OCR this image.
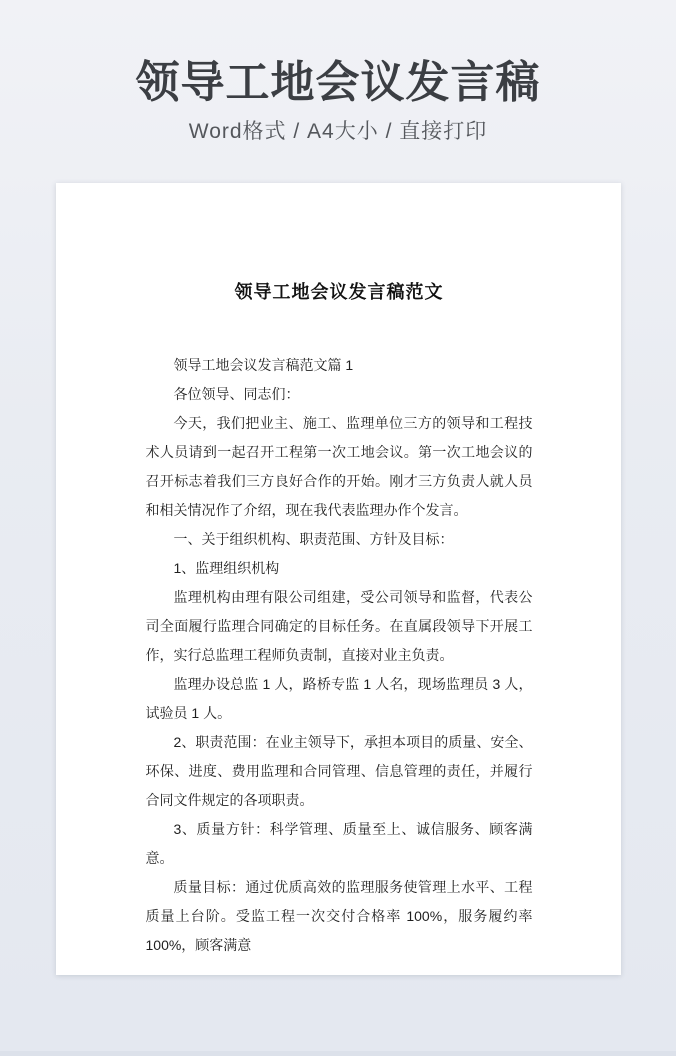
领导工地会议发言稿
Word格式 / A4大小 / 直接打印
领导工地会议发言稿范文

领导工地会议发言稿范文篇 1

各位领导、同志们：

今天，我们把业主、施工、监理单位三方的领导和工程技术人员请到一起召开工程第一次工地会议。第一次工地会议的召开标志着我们三方良好合作的开始。刚才三方负责人就人员和相关情况作了介绍，现在我代表监理办作个发言。

一、关于组织机构、职责范围、方针及目标：

1、监理组织机构

监理机构由理有限公司组建，受公司领导和监督，代表公司全面履行监理合同确定的目标任务。在直属段领导下开展工作，实行总监理工程师负责制，直接对业主负责。

监理办设总监 1 人，路桥专监 1 人名，现场监理员 3 人，试验员 1 人。

2、职责范围：在业主领导下，承担本项目的质量、安全、环保、进度、费用监理和合同管理、信息管理的责任，并履行合同文件规定的各项职责。

3、质量方针：科学管理、质量至上、诚信服务、顾客满意。

质量目标：通过优质高效的监理服务使管理上水平、工程质量上台阶。受监工程一次交付合格率 100%，服务履约率 100%，顾客满意
